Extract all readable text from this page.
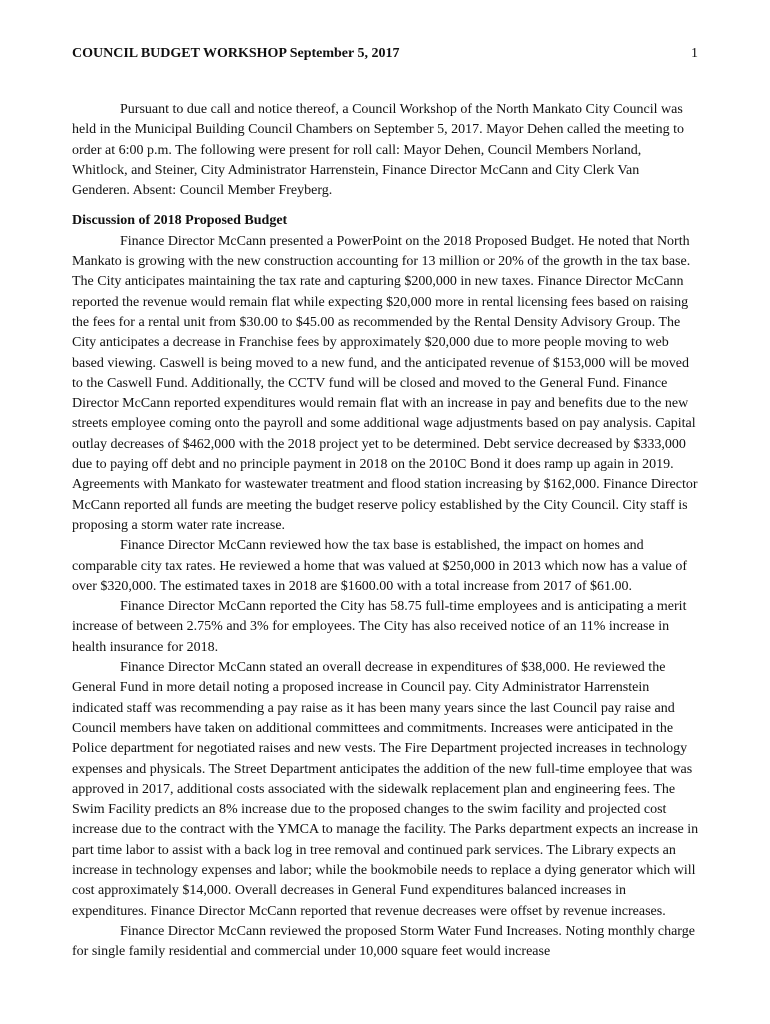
COUNCIL BUDGET WORKSHOP September 5, 2017	1

Pursuant to due call and notice thereof, a Council Workshop of the North Mankato City Council was held in the Municipal Building Council Chambers on September 5, 2017. Mayor Dehen called the meeting to order at 6:00 p.m. The following were present for roll call: Mayor Dehen, Council Members Norland, Whitlock, and Steiner, City Administrator Harrenstein, Finance Director McCann and City Clerk Van Genderen. Absent: Council Member Freyberg.

Discussion of 2018 Proposed Budget

Finance Director McCann presented a PowerPoint on the 2018 Proposed Budget. He noted that North Mankato is growing with the new construction accounting for 13 million or 20% of the growth in the tax base. The City anticipates maintaining the tax rate and capturing $200,000 in new taxes. Finance Director McCann reported the revenue would remain flat while expecting $20,000 more in rental licensing fees based on raising the fees for a rental unit from $30.00 to $45.00 as recommended by the Rental Density Advisory Group. The City anticipates a decrease in Franchise fees by approximately $20,000 due to more people moving to web based viewing. Caswell is being moved to a new fund, and the anticipated revenue of $153,000 will be moved to the Caswell Fund. Additionally, the CCTV fund will be closed and moved to the General Fund. Finance Director McCann reported expenditures would remain flat with an increase in pay and benefits due to the new streets employee coming onto the payroll and some additional wage adjustments based on pay analysis. Capital outlay decreases of $462,000 with the 2018 project yet to be determined. Debt service decreased by $333,000 due to paying off debt and no principle payment in 2018 on the 2010C Bond it does ramp up again in 2019. Agreements with Mankato for wastewater treatment and flood station increasing by $162,000. Finance Director McCann reported all funds are meeting the budget reserve policy established by the City Council. City staff is proposing a storm water rate increase.

Finance Director McCann reviewed how the tax base is established, the impact on homes and comparable city tax rates. He reviewed a home that was valued at $250,000 in 2013 which now has a value of over $320,000. The estimated taxes in 2018 are $1600.00 with a total increase from 2017 of $61.00.

Finance Director McCann reported the City has 58.75 full-time employees and is anticipating a merit increase of between 2.75% and 3% for employees. The City has also received notice of an 11% increase in health insurance for 2018.

Finance Director McCann stated an overall decrease in expenditures of $38,000. He reviewed the General Fund in more detail noting a proposed increase in Council pay. City Administrator Harrenstein indicated staff was recommending a pay raise as it has been many years since the last Council pay raise and Council members have taken on additional committees and commitments. Increases were anticipated in the Police department for negotiated raises and new vests. The Fire Department projected increases in technology expenses and physicals. The Street Department anticipates the addition of the new full-time employee that was approved in 2017, additional costs associated with the sidewalk replacement plan and engineering fees. The Swim Facility predicts an 8% increase due to the proposed changes to the swim facility and projected cost increase due to the contract with the YMCA to manage the facility. The Parks department expects an increase in part time labor to assist with a back log in tree removal and continued park services. The Library expects an increase in technology expenses and labor; while the bookmobile needs to replace a dying generator which will cost approximately $14,000. Overall decreases in General Fund expenditures balanced increases in expenditures. Finance Director McCann reported that revenue decreases were offset by revenue increases.

Finance Director McCann reviewed the proposed Storm Water Fund Increases. Noting monthly charge for single family residential and commercial under 10,000 square feet would increase
